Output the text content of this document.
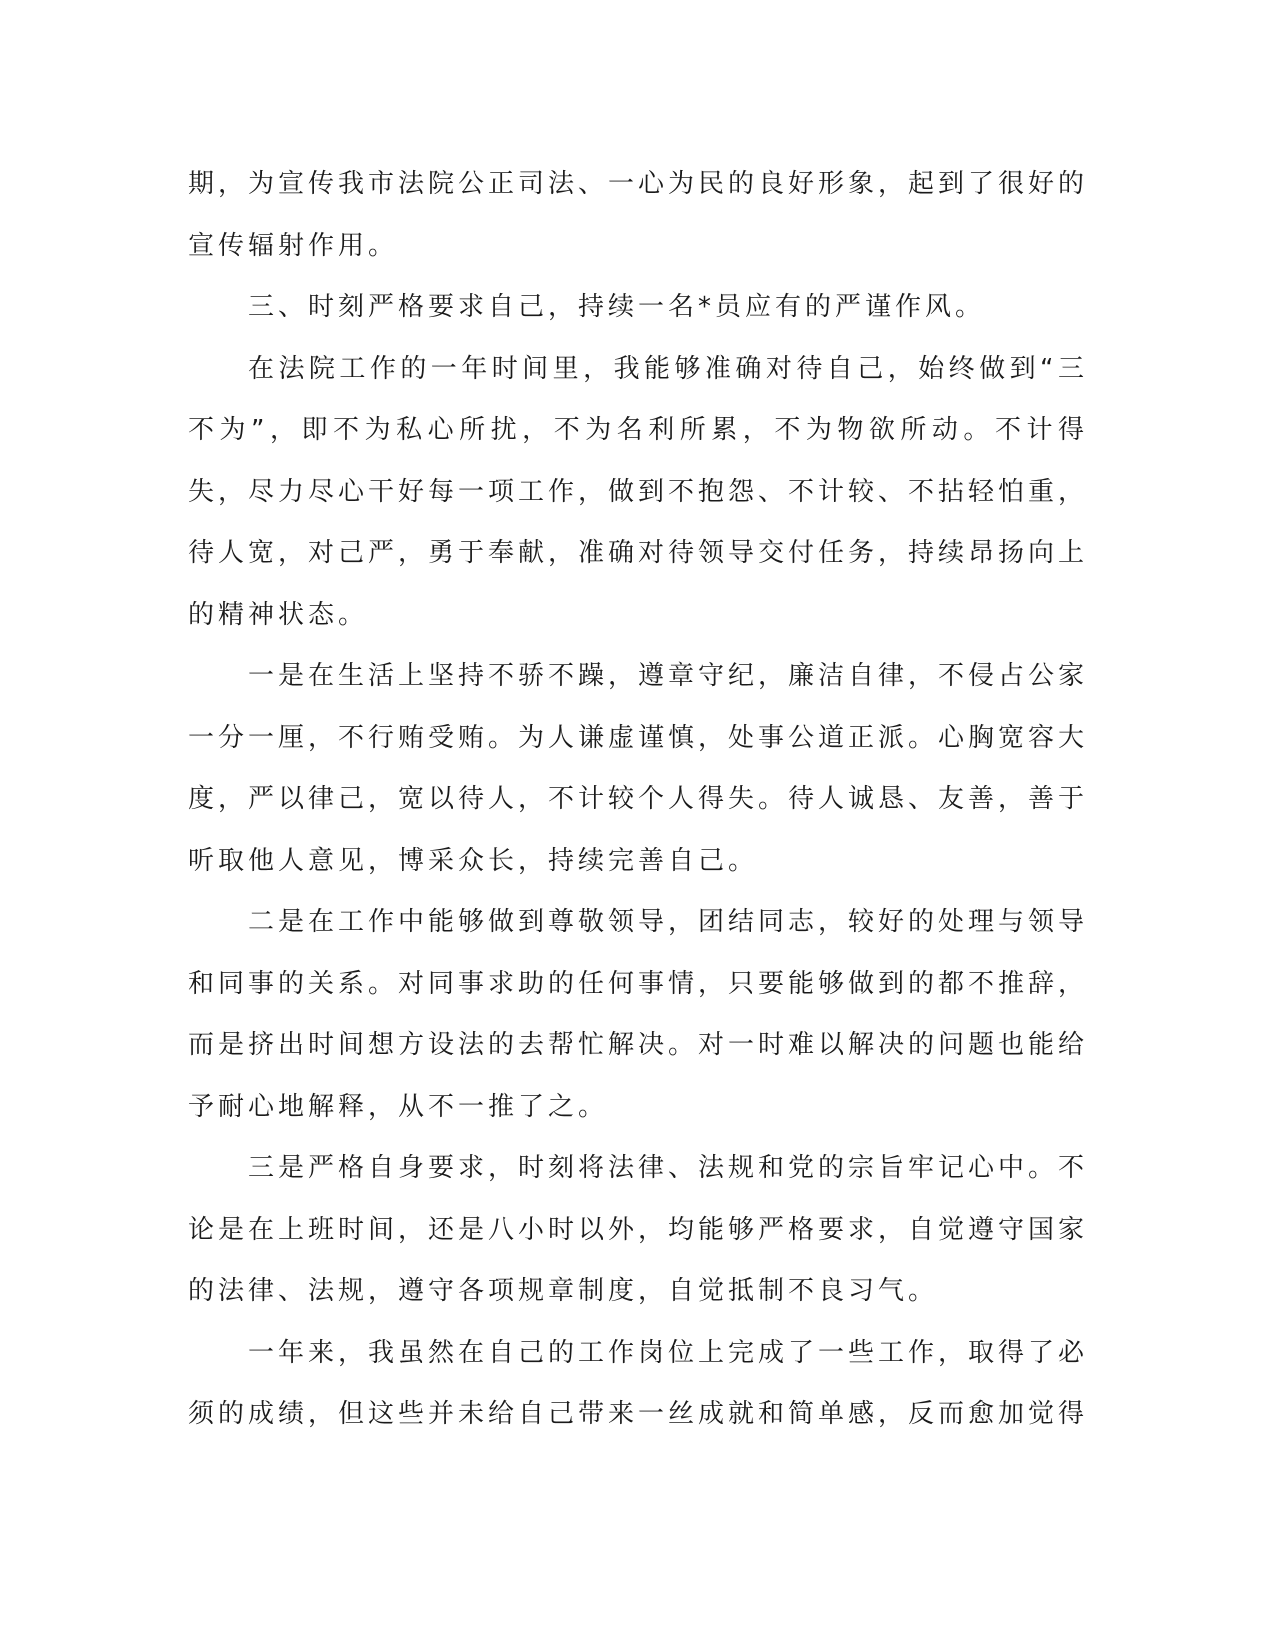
期，为宣传我市法院公正司法、一心为民的良好形象，起到了很好的宣传辐射作用。

三、时刻严格要求自己，持续一名*员应有的严谨作风。

在法院工作的一年时间里，我能够准确对待自己，始终做到“三不为”，即不为私心所扰，不为名利所累，不为物欲所动。不计得失，尽力尽心干好每一项工作，做到不抱怨、不计较、不拈轻怕重，待人宽，对己严，勇于奉献，准确对待领导交付任务，持续昂扬向上的精神状态。

一是在生活上坚持不骄不躁，遵章守纪，廉洁自律，不侵占公家一分一厘，不行贿受贿。为人谦虚谨慎，处事公道正派。心胸宽容大度，严以律己，宽以待人，不计较个人得失。待人诚恳、友善，善于听取他人意见，博采众长，持续完善自己。

二是在工作中能够做到尊敬领导，团结同志，较好的处理与领导和同事的关系。对同事求助的任何事情，只要能够做到的都不推辞，而是挤出时间想方设法的去帮忙解决。对一时难以解决的问题也能给予耐心地解释，从不一推了之。

三是严格自身要求，时刻将法律、法规和党的宗旨牢记心中。不论是在上班时间，还是八小时以外，均能够严格要求，自觉遵守国家的法律、法规，遵守各项规章制度，自觉抵制不良习气。

一年来，我虽然在自己的工作岗位上完成了一些工作，取得了必须的成绩，但这些并未给自己带来一丝成就和简单感，反而愈加觉得
